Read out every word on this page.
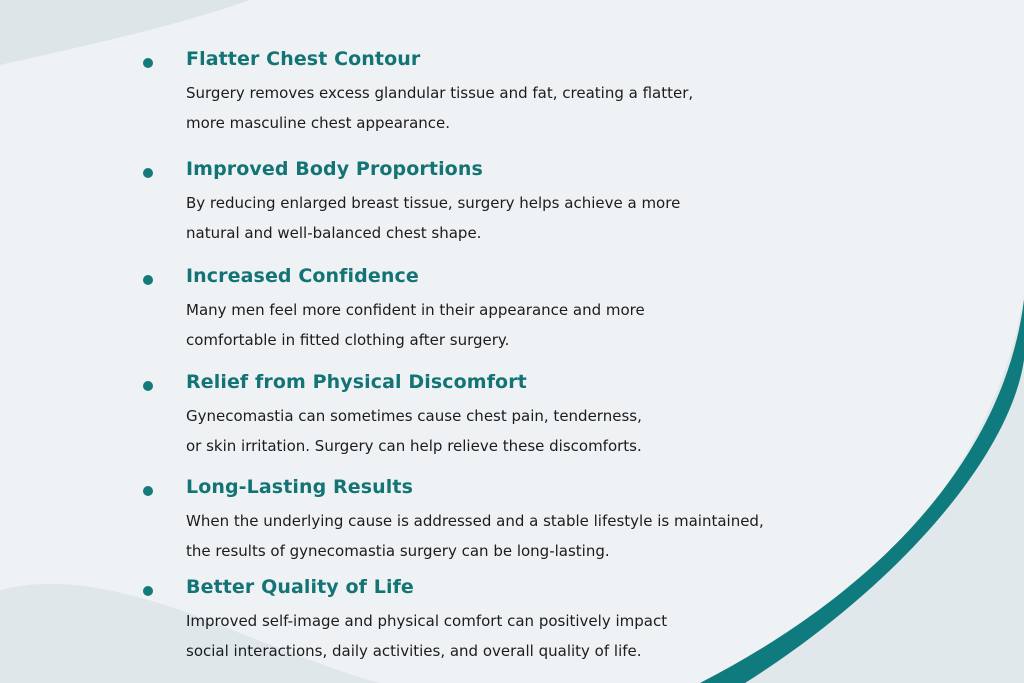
Flatter Chest Contour
Surgery removes excess glandular tissue and fat, creating a flatter,
more masculine chest appearance.
Improved Body Proportions
By reducing enlarged breast tissue, surgery helps achieve a more
natural and well-balanced chest shape.
Increased Confidence
Many men feel more confident in their appearance and more
comfortable in fitted clothing after surgery.
Relief from Physical Discomfort
Gynecomastia can sometimes cause chest pain, tenderness,
or skin irritation. Surgery can help relieve these discomforts.
Long-Lasting Results
When the underlying cause is addressed and a stable lifestyle is maintained,
the results of gynecomastia surgery can be long-lasting.
Better Quality of Life
Improved self-image and physical comfort can positively impact
social interactions, daily activities, and overall quality of life.
